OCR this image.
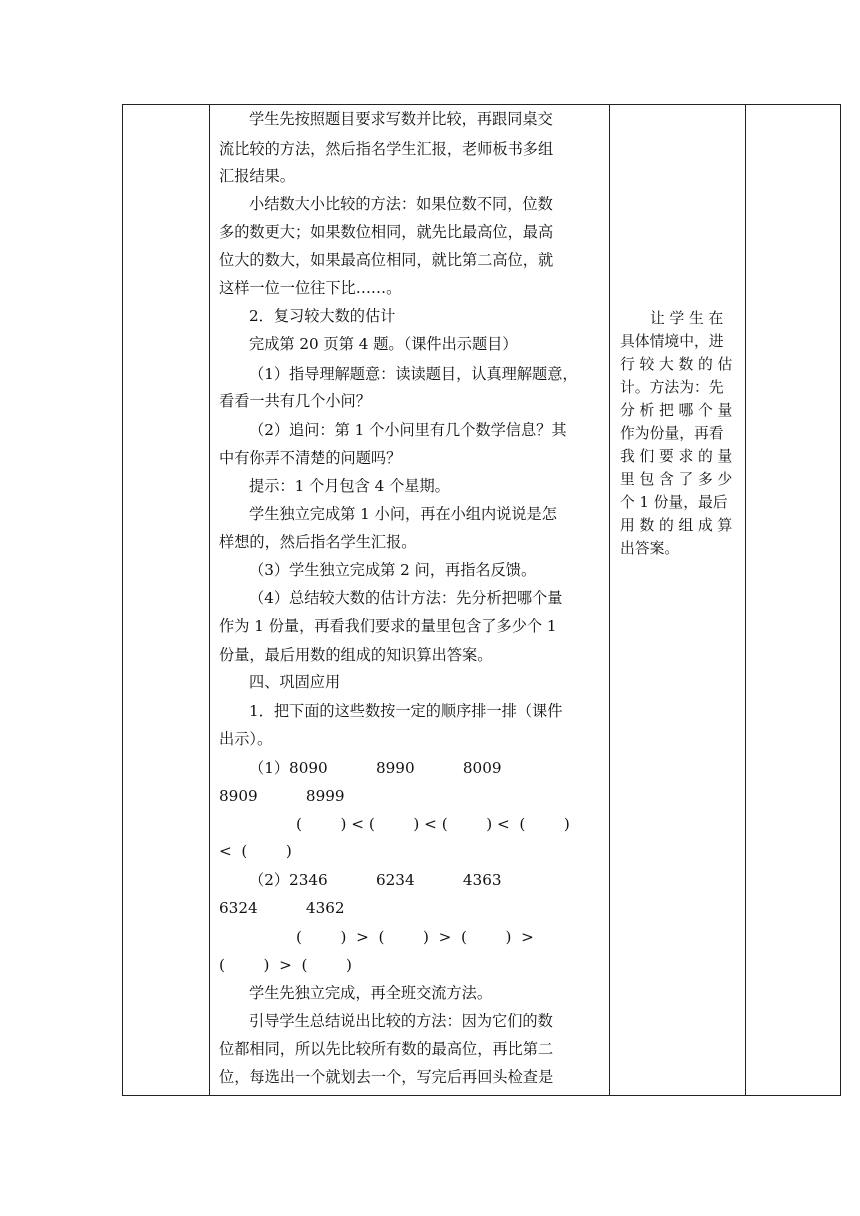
学生先按照题目要求写数并比较，再跟同桌交
流比较的方法，然后指名学生汇报，老师板书多组
汇报结果。
小结数大小比较的方法：如果位数不同，位数
多的数更大；如果数位相同，就先比最高位，最高
位大的数大，如果最高位相同，就比第二高位，就
这样一位一位往下比……。
2．复习较大数的估计
完成第 20 页第 4 题。（课件出示题目）
（1）指导理解题意：读读题目，认真理解题意，
看看一共有几个小问？
（2）追问：第 1 个小问里有几个数学信息？其
中有你弄不清楚的问题吗？
提示：1 个月包含 4 个星期。
学生独立完成第 1 小问，再在小组内说说是怎
样想的，然后指名学生汇报。
（3）学生独立完成第 2 问，再指名反馈。
（4）总结较大数的估计方法：先分析把哪个量
作为 1 份量，再看我们要求的量里包含了多少个 1
份量，最后用数的组成的知识算出答案。
四、巩固应用
1．把下面的这些数按一定的顺序排一排（课件
出示）。
（1）8090          8990          8009
8909          8999
(        ) < (        ) < (        ) <  (        )
<  (        )
（2）2346          6234          4363
6324          4362
(        )  >  (        )  >  (        )  >
(        )  >  (        )
学生先独立完成，再全班交流方法。
引导学生总结说出比较的方法：因为它们的数
位都相同，所以先比较所有数的最高位，再比第二
位，每选出一个就划去一个，写完后再回头检查是
让 学 生 在
具体情境中，进
行 较 大 数 的 估
计。方法为：先
分 析 把 哪 个 量
作为份量，再看
我 们 要 求 的 量
里 包 含 了 多 少
个 1 份量，最后
用 数 的 组 成 算
出答案。
